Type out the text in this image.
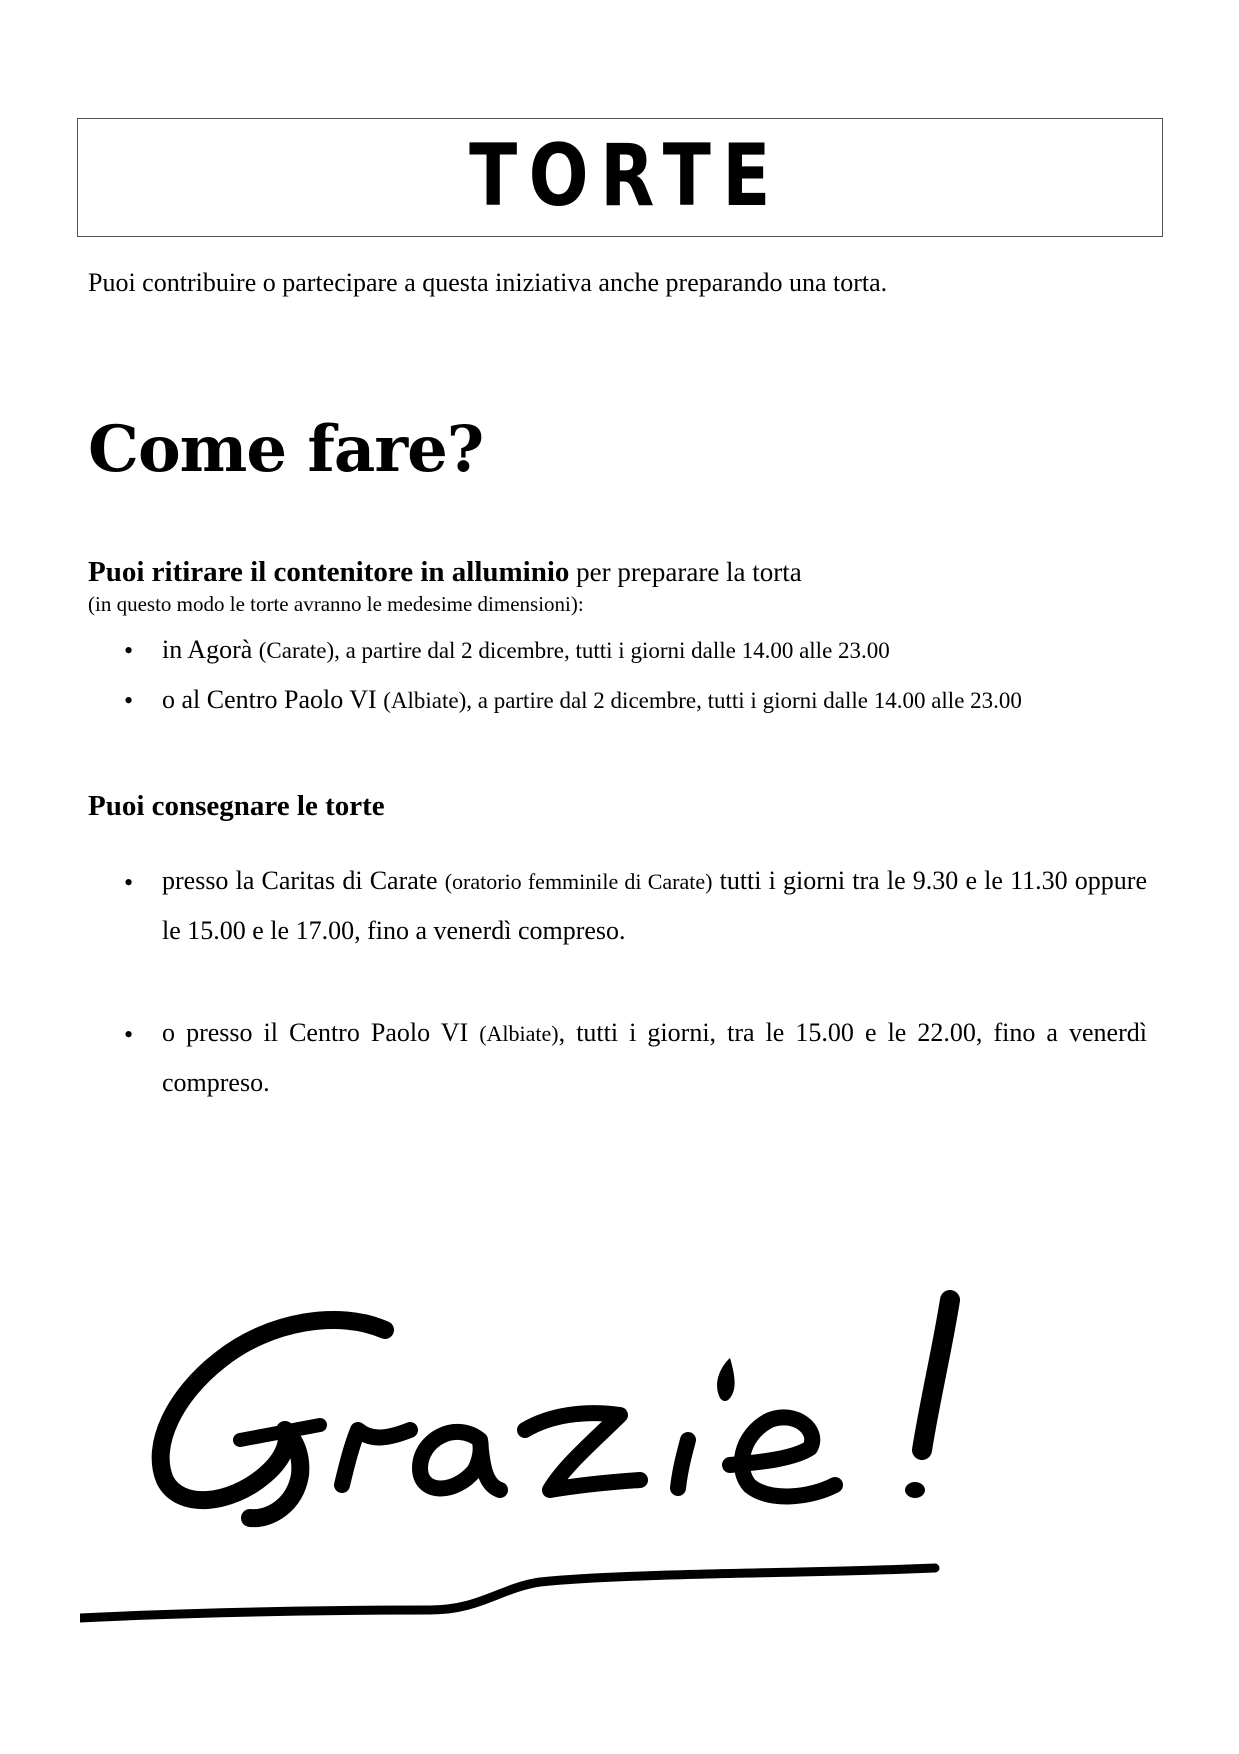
TORTE
Puoi contribuire o partecipare a questa iniziativa anche preparando una torta.
Come fare?
Puoi ritirare il contenitore in alluminio per preparare la torta
(in questo modo le torte avranno le medesime dimensioni):
• in Agorà (Carate), a partire dal 2 dicembre, tutti i giorni dalle 14.00 alle 23.00
• o al Centro Paolo VI (Albiate), a partire dal 2 dicembre, tutti i giorni dalle 14.00 alle 23.00
Puoi consegnare le torte
• presso la Caritas di Carate (oratorio femminile di Carate) tutti i giorni tra le 9.30 e le 11.30 oppure le 15.00 e le 17.00, fino a venerdì compreso.
• o presso il Centro Paolo VI (Albiate), tutti i giorni, tra le 15.00 e le 22.00, fino a venerdì compreso.
